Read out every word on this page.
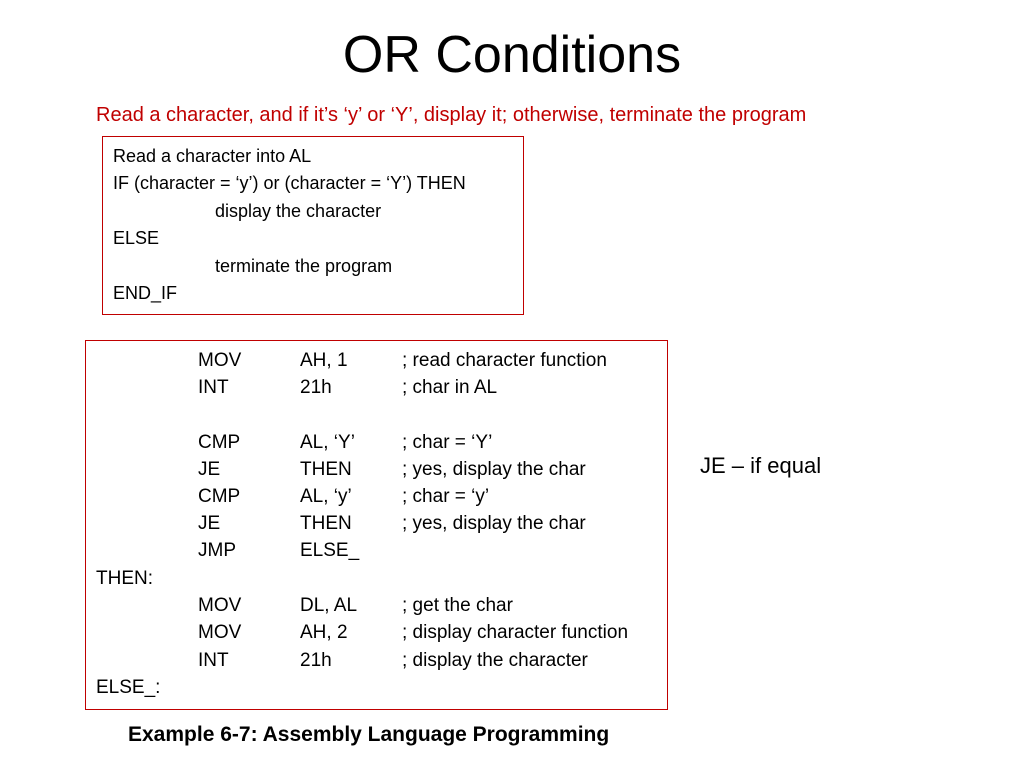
OR Conditions
Read a character, and if it’s ‘y’ or ‘Y’, display it; otherwise, terminate the program
Read a character into AL
IF (character = ‘y’) or (character = ‘Y’) THEN
display the character
ELSE
terminate the program
END_IF
MOV	AH, 1	; read character function
INT	21h	; char in AL
CMP	AL, ‘Y’ ; char = ‘Y’
JE	THEN	; yes, display the char
CMP	AL, ‘y’	; char = ‘y’
JE	THEN	; yes, display the char
JMP	ELSE_
THEN:
MOV	DL, AL ; get the char
MOV	AH, 2	; display character function
INT	21h	; display the character
ELSE_:
JE – if equal
Example 6-7: Assembly Language Programming
